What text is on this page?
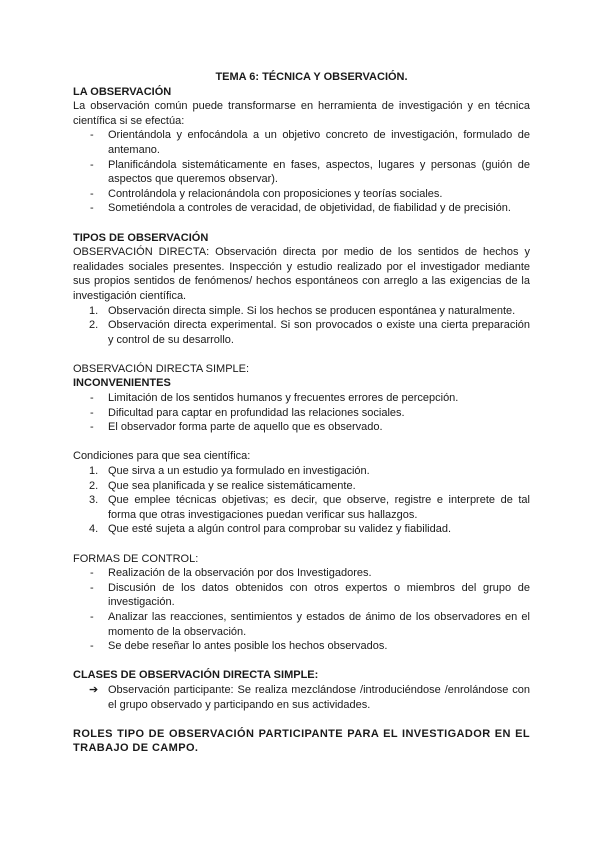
TEMA 6: TÉCNICA Y OBSERVACIÓN.

LA OBSERVACIÓN

La observación común puede transformarse en herramienta de investigación y en técnica científica si se efectúa:

- Orientándola y enfocándola a un objetivo concreto de investigación, formulado de antemano.
- Planificándola sistemáticamente en fases, aspectos, lugares y personas (guión de aspectos que queremos observar).
- Controlándola y relacionándola con proposiciones y teorías sociales.
- Sometiéndola a controles de veracidad, de objetividad, de fiabilidad y de precisión.

TIPOS DE OBSERVACIÓN

OBSERVACIÓN DIRECTA: Observación directa por medio de los sentidos de hechos y realidades sociales presentes. Inspección y estudio realizado por el investigador mediante sus propios sentidos de fenómenos/ hechos espontáneos con arreglo a las exigencias de la investigación científica.

1. Observación directa simple. Si los hechos se producen espontánea y naturalmente.
2. Observación directa experimental. Si son provocados o existe una cierta preparación y control de su desarrollo.

OBSERVACIÓN DIRECTA SIMPLE:

INCONVENIENTES

- Limitación de los sentidos humanos y frecuentes errores de percepción.
- Dificultad para captar en profundidad las relaciones sociales.
- El observador forma parte de aquello que es observado.

Condiciones para que sea científica:

1. Que sirva a un estudio ya formulado en investigación.
2. Que sea planificada y se realice sistemáticamente.
3. Que emplee técnicas objetivas; es decir, que observe, registre e interprete de tal forma que otras investigaciones puedan verificar sus hallazgos.
4. Que esté sujeta a algún control para comprobar su validez y fiabilidad.

FORMAS DE CONTROL:

- Realización de la observación por dos Investigadores.
- Discusión de los datos obtenidos con otros expertos o miembros del grupo de investigación.
- Analizar las reacciones, sentimientos y estados de ánimo de los observadores en el momento de la observación.
- Se debe reseñar lo antes posible los hechos observados.

CLASES DE OBSERVACIÓN DIRECTA SIMPLE:

➔ Observación participante: Se realiza mezclándose /introduciéndose /enrolándose con el grupo observado y participando en sus actividades.

ROLES TIPO DE OBSERVACIÓN PARTICIPANTE PARA EL INVESTIGADOR EN EL TRABAJO DE CAMPO.
